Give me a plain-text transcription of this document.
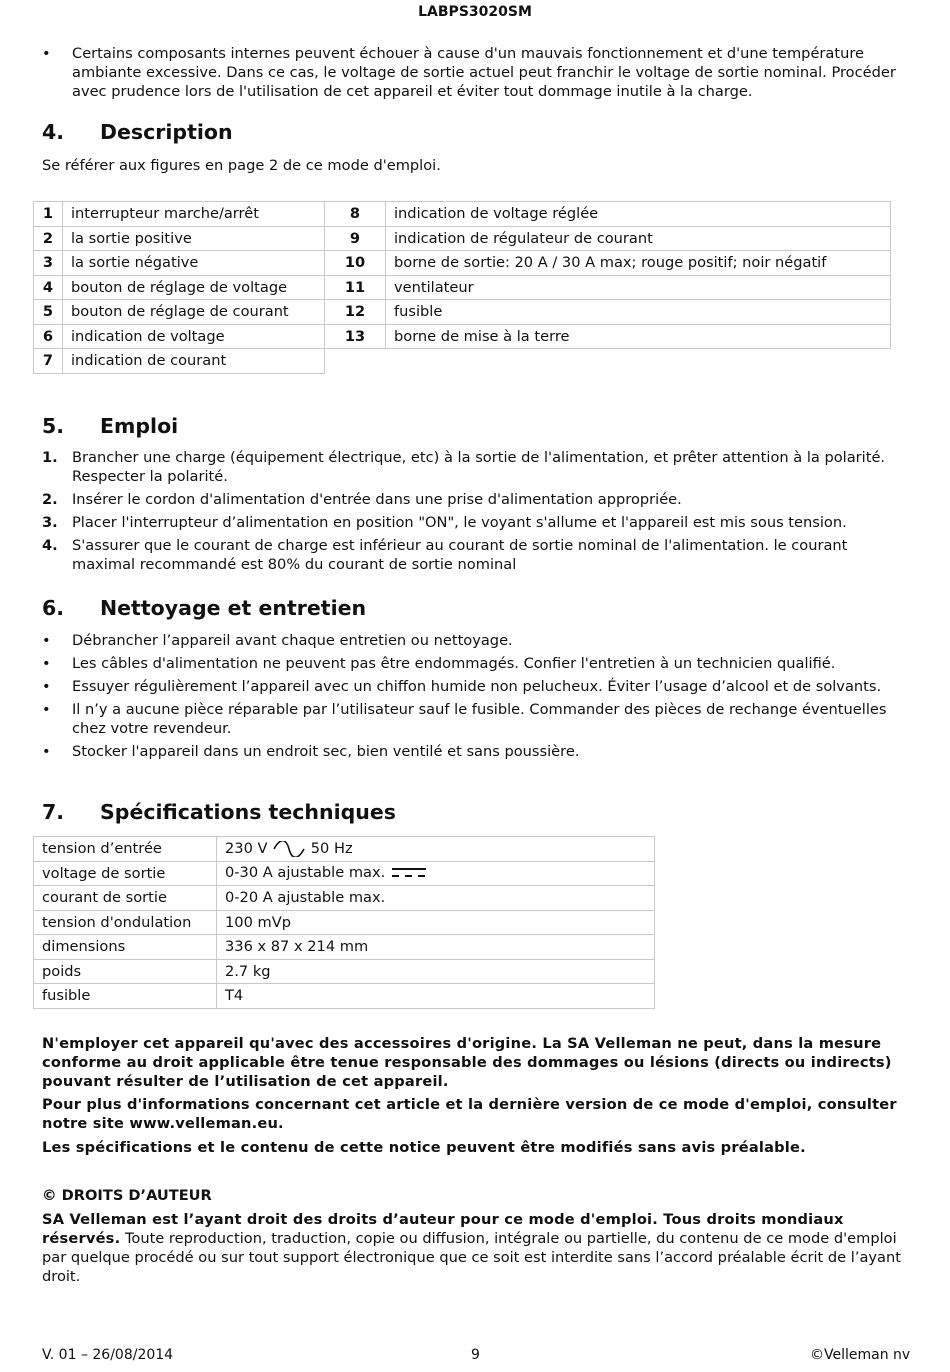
LABPS3020SM
• Certains composants internes peuvent échouer à cause d'un mauvais fonctionnement et d'une température ambiante excessive. Dans ce cas, le voltage de sortie actuel peut franchir le voltage de sortie nominal. Procéder avec prudence lors de l'utilisation de cet appareil et éviter tout dommage inutile à la charge.
4. Description

Se référer aux figures en page 2 de ce mode d'emploi.

1	interrupteur marche/arrêt	8	indication de voltage réglée
2	la sortie positive	9	indication de régulateur de courant
3	la sortie négative	10	borne de sortie: 20 A / 30 A max; rouge positif; noir négatif
4	bouton de réglage de voltage	11	ventilateur
5	bouton de réglage de courant	12	fusible
6	indication de voltage	13	borne de mise à la terre
7	indication de courant		
5. Emploi
1. Brancher une charge (équipement électrique, etc) à la sortie de l'alimentation, et prêter attention à la polarité. Respecter la polarité.
2. Insérer le cordon d'alimentation d'entrée dans une prise d'alimentation appropriée.
3. Placer l'interrupteur d’alimentation en position "ON", le voyant s'allume et l'appareil est mis sous tension.
4. S'assurer que le courant de charge est inférieur au courant de sortie nominal de l'alimentation. le courant maximal recommandé est 80% du courant de sortie nominal
6. Nettoyage et entretien
• Débrancher l’appareil avant chaque entretien ou nettoyage.
• Les câbles d'alimentation ne peuvent pas être endommagés. Confier l'entretien à un technicien qualifié.
• Essuyer régulièrement l’appareil avec un chiffon humide non pelucheux. Éviter l’usage d’alcool et de solvants.
• Il n’y a aucune pièce réparable par l’utilisateur sauf le fusible. Commander des pièces de rechange éventuelles chez votre revendeur.
• Stocker l'appareil dans un endroit sec, bien ventilé et sans poussière.
7. Spécifications techniques
tension d’entrée	230 V 50 Hz
voltage de sortie	0-30 A ajustable max.
courant de sortie	0-20 A ajustable max.
tension d'ondulation	100 mVp
dimensions	336 x 87 x 214 mm
poids	2.7 kg
fusible	T4

N'employer cet appareil qu'avec des accessoires d'origine. La SA Velleman ne peut, dans la mesure conforme au droit applicable être tenue responsable des dommages ou lésions (directs ou indirects) pouvant résulter de l’utilisation de cet appareil.

Pour plus d'informations concernant cet article et la dernière version de ce mode d'emploi, consulter notre site www.velleman.eu.

Les spécifications et le contenu de cette notice peuvent être modifiés sans avis préalable.

© DROITS D’AUTEUR

SA Velleman est l’ayant droit des droits d’auteur pour ce mode d'emploi. Tous droits mondiaux réservés. Toute reproduction, traduction, copie ou diffusion, intégrale ou partielle, du contenu de ce mode d'emploi par quelque procédé ou sur tout support électronique que ce soit est interdite sans l’accord préalable écrit de l’ayant droit.

V. 01 – 26/08/2014	9	©Velleman nv
